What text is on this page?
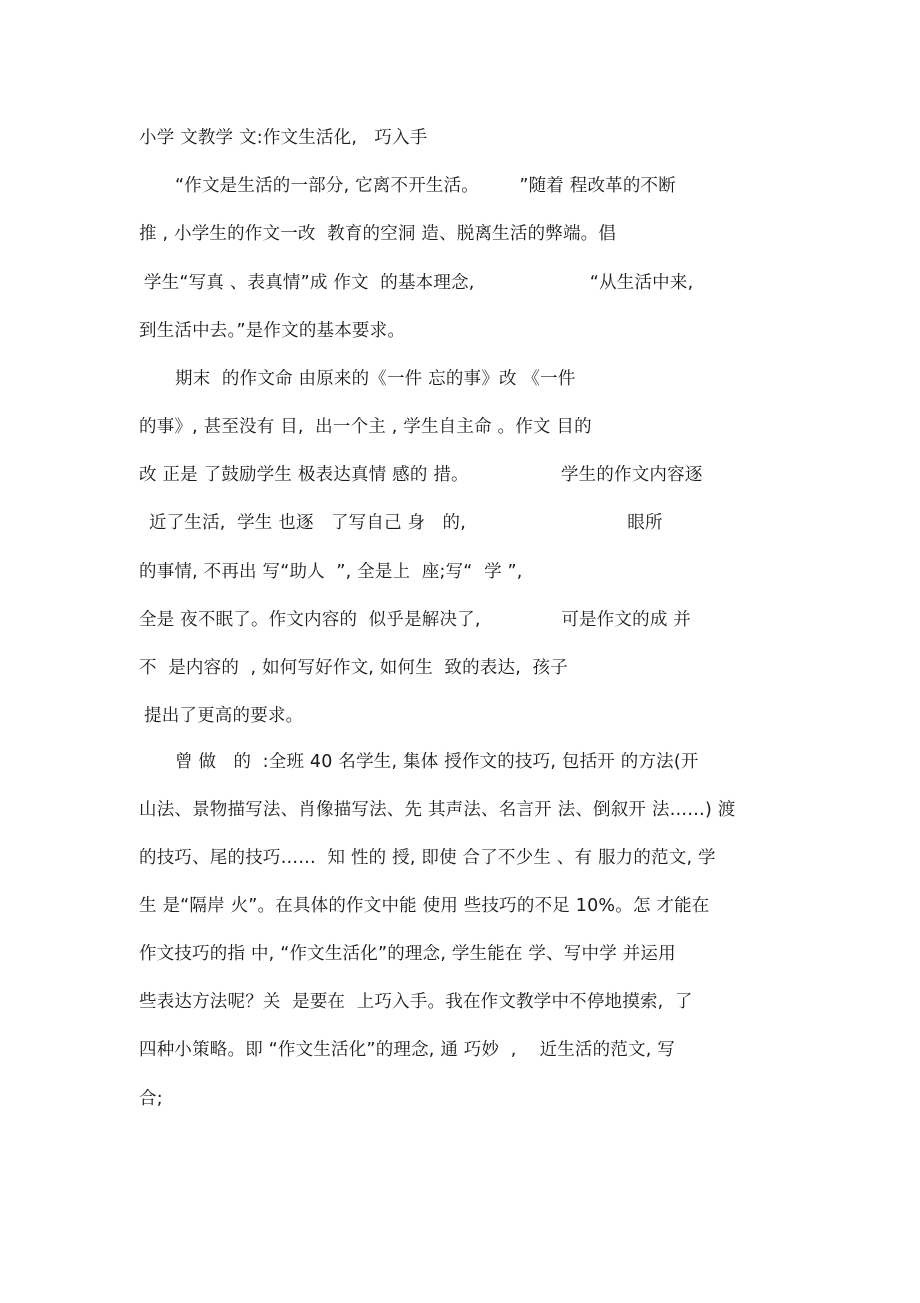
小学 文教学 文:作文生活化,   巧入手
“作文是生活的一部分, 它离不开生活。       ”随着 程改革的不断
推 , 小学生的作文一改  教育的空洞 造、脱离生活的弊端。倡
学生“写真 、表真情”成 作文  的基本理念,                    “从生活中来,
到生活中去。”是作文的基本要求。
期末  的作文命 由原来的《一件 忘的事》改 《一件
的事》, 甚至没有 目,  出一个主 , 学生自主命 。作文 目的
改 正是 了鼓励学生 极表达真情 感的 措。                学生的作文内容逐
近了生活,  学生 也逐   了写自己 身   的,                            眼所
的事情, 不再出 写“助人  ”, 全是上  座;写“  学 ”,
全是 夜不眠了。作文内容的  似乎是解决了,              可是作文的成 并
不  是内容的  , 如何写好作文, 如何生  致的表达,  孩子
提出了更高的要求。
曾 做   的  :全班 40 名学生, 集体 授作文的技巧, 包括开 的方法(开
山法、景物描写法、肖像描写法、先 其声法、名言开 法、倒叙开 法……) 渡
的技巧、尾的技巧……  知 性的 授, 即使 合了不少生 、有 服力的范文, 学
生 是“隔岸 火”。在具体的作文中能 使用 些技巧的不足 10%。怎 才能在
作文技巧的指 中, “作文生活化”的理念, 学生能在 学、写中学 并运用
些表达方法呢？关  是要在  上巧入手。我在作文教学中不停地摸索,  了
四种小策略。即 “作文生活化”的理念, 通 巧妙  ,    近生活的范文, 写
合;
